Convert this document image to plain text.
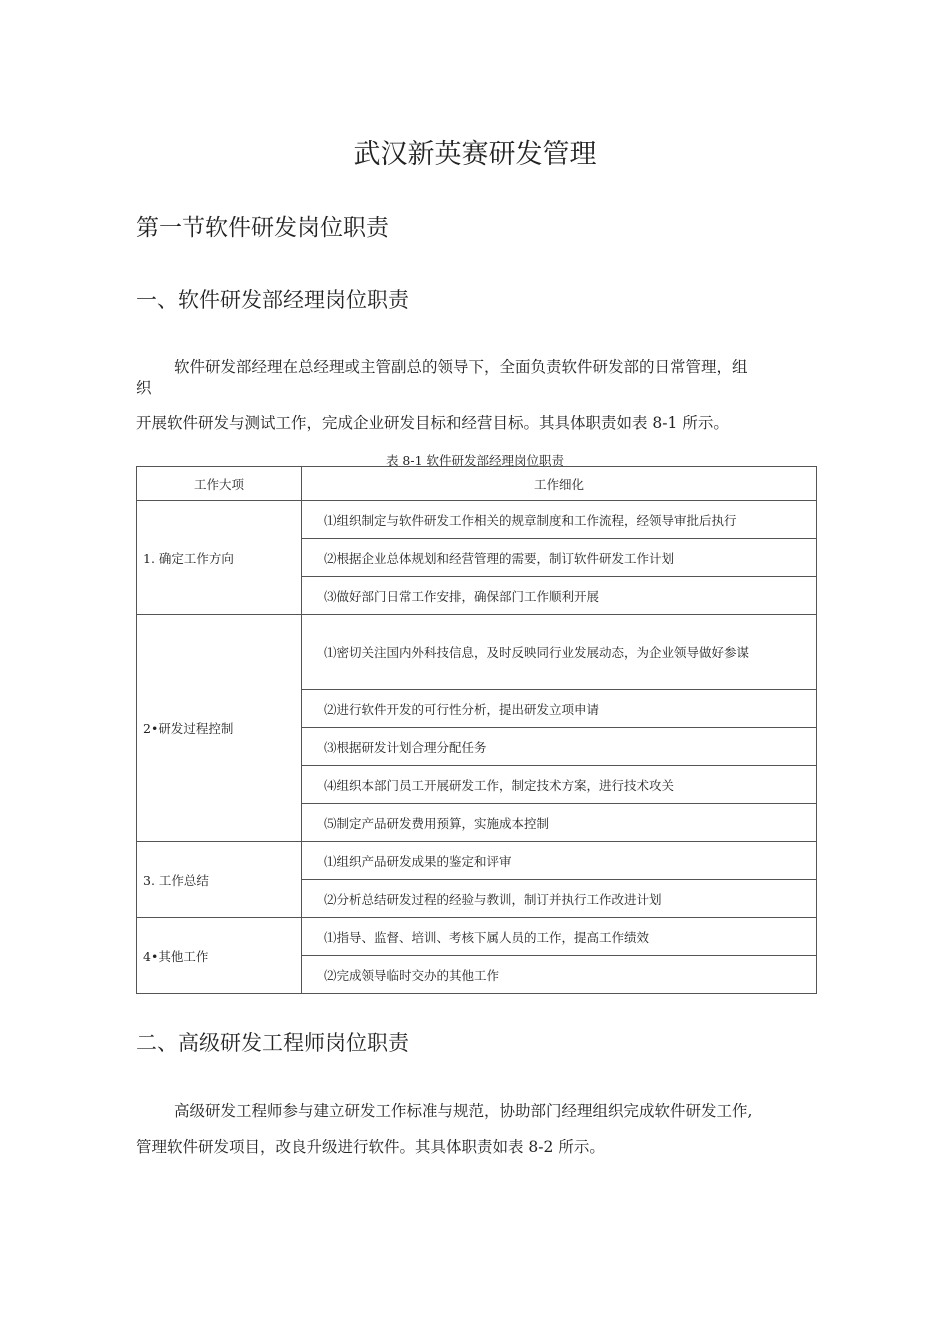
武汉新英赛研发管理
第一节软件研发岗位职责
一、软件研发部经理岗位职责
软件研发部经理在总经理或主管副总的领导下，全面负责软件研发部的日常管理，组
织
开展软件研发与测试工作，完成企业研发目标和经营目标。其具体职责如表 8-1 所示。
表 8-1 软件研发部经理岗位职责
工作大项	工作细化
1. 确定工作方向	⑴组织制定与软件研发工作相关的规章制度和工作流程，经领导审批后执行
	⑵根据企业总体规划和经营管理的需要，制订软件研发工作计划
	⑶做好部门日常工作安排，确保部门工作顺利开展
2•研发过程控制	⑴密切关注国内外科技信息，及时反映同行业发展动态，为企业领导做好参谋
	⑵进行软件开发的可行性分析，提出研发立项申请
	⑶根据研发计划合理分配任务
	⑷组织本部门员工开展研发工作，制定技术方案，进行技术攻关
	⑸制定产品研发费用预算，实施成本控制
3. 工作总结	⑴组织产品研发成果的鉴定和评审
	⑵分析总结研发过程的经验与教训，制订并执行工作改进计划
4•其他工作	⑴指导、监督、培训、考核下属人员的工作，提高工作绩效
	⑵完成领导临时交办的其他工作
二、高级研发工程师岗位职责
高级研发工程师参与建立研发工作标准与规范，协助部门经理组织完成软件研发工作,
管理软件研发项目，改良升级进行软件。其具体职责如表 8-2 所示。
